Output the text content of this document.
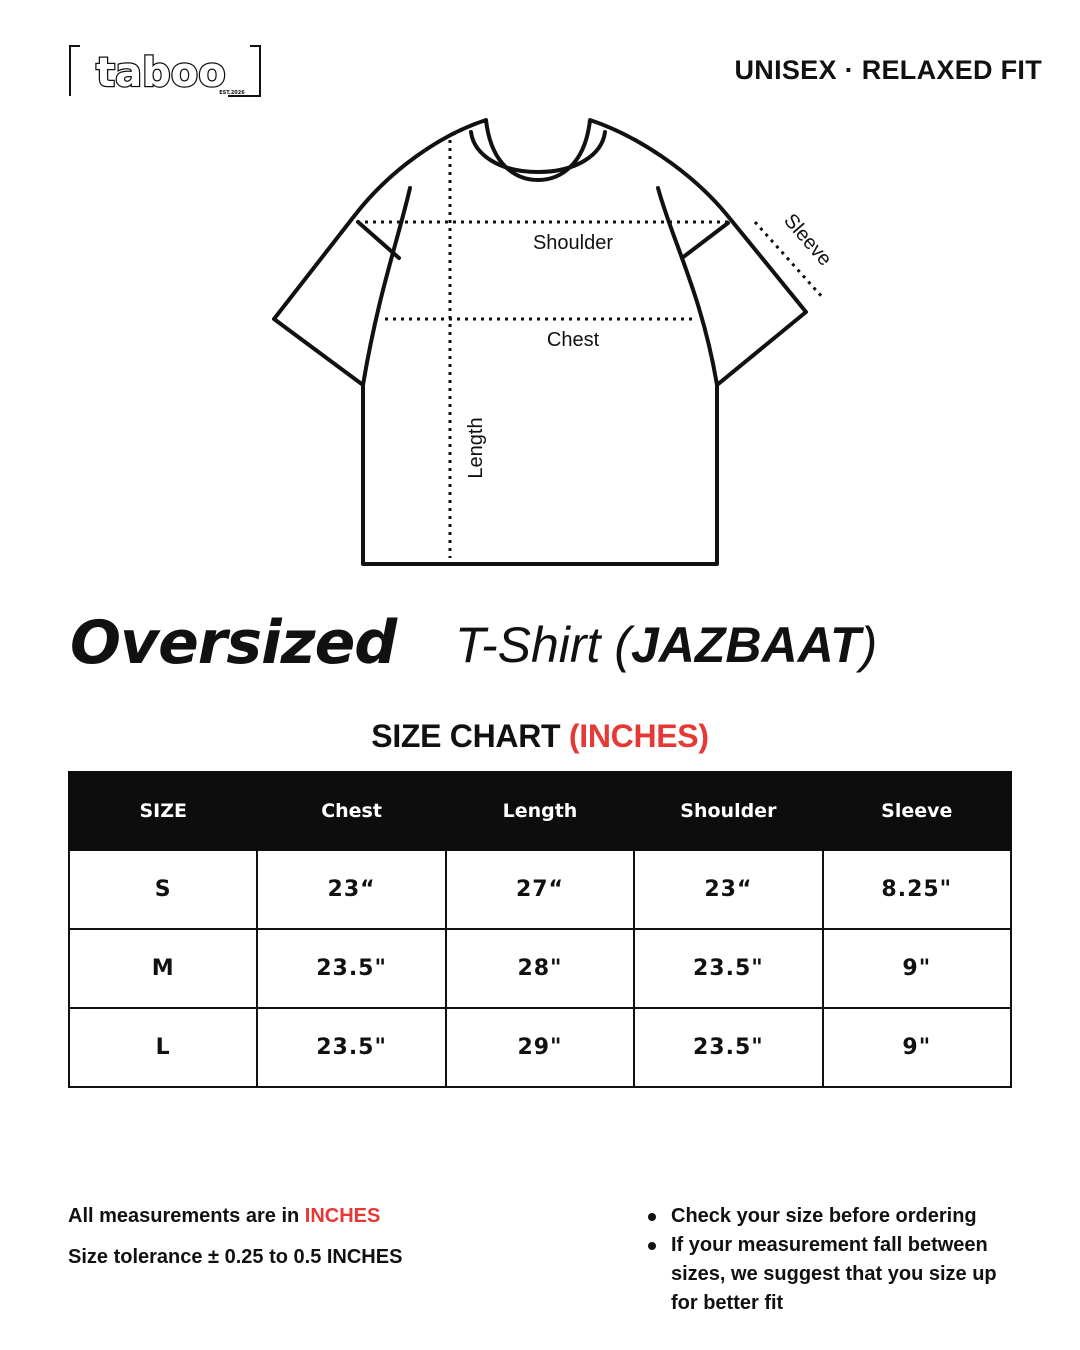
taboo
EST.2026
UNISEX · RELAXED FIT
Shoulder
Chest
Length
Sleeve
Oversized T-Shirt (JAZBAAT)
SIZE CHART (INCHES)
SIZE	Chest	Length	Shoulder	Sleeve
S	23“	27“	23“	8.25"
M	23.5"	28"	23.5"	9"
L	23.5"	29"	23.5"	9"
All measurements are in INCHES
Size tolerance ± 0.25 to 0.5 INCHES
Check your size before ordering
If your measurement fall between sizes, we suggest that you size up for better fit
